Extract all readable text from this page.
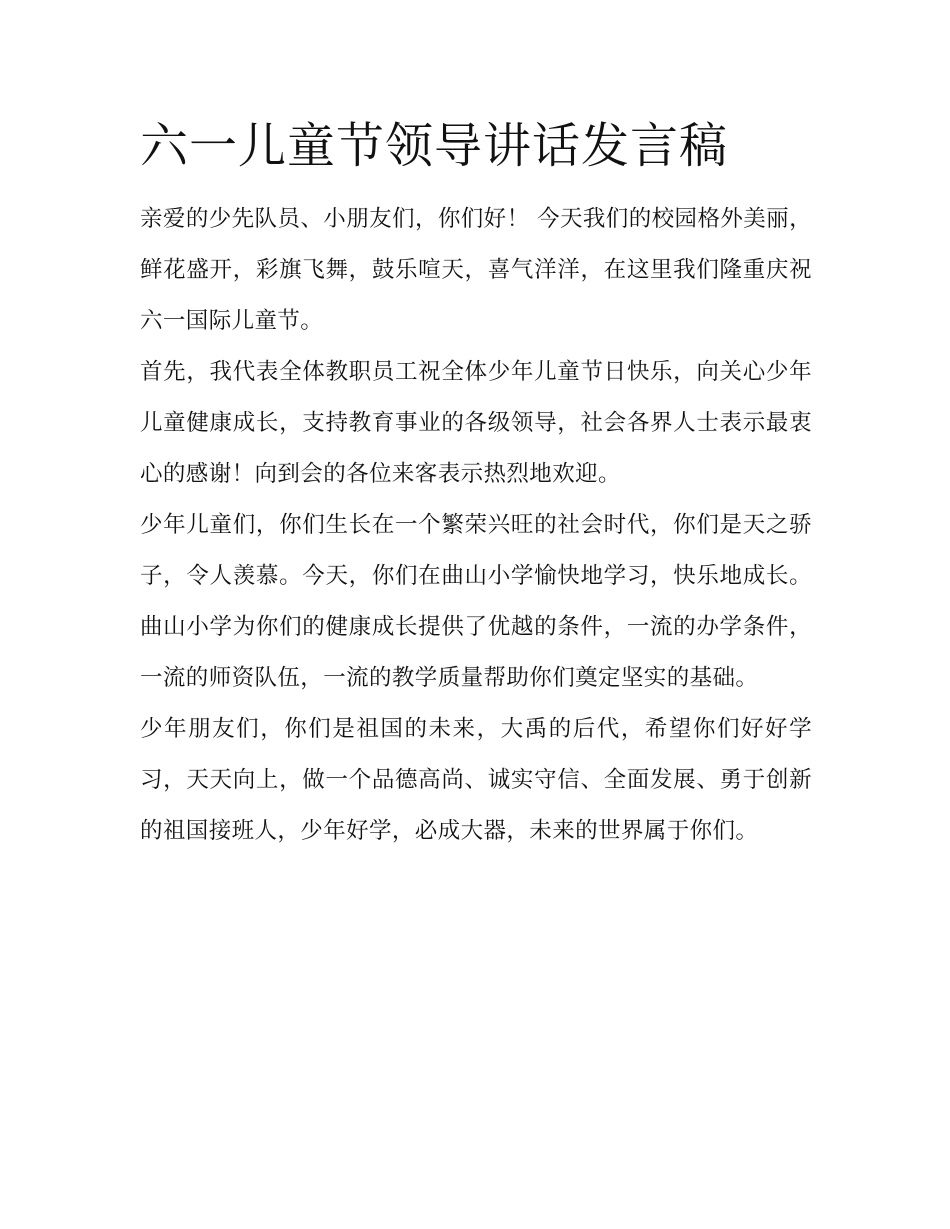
六一儿童节领导讲话发言稿

亲爱的少先队员、小朋友们，你们好！ 今天我们的校园格外美丽，鲜花盛开，彩旗飞舞，鼓乐喧天，喜气洋洋，在这里我们隆重庆祝六一国际儿童节。

首先，我代表全体教职员工祝全体少年儿童节日快乐，向关心少年儿童健康成长，支持教育事业的各级领导，社会各界人士表示最衷心的感谢！向到会的各位来客表示热烈地欢迎。

少年儿童们，你们生长在一个繁荣兴旺的社会时代，你们是天之骄子，令人羡慕。今天，你们在曲山小学愉快地学习，快乐地成长。曲山小学为你们的健康成长提供了优越的条件，一流的办学条件，一流的师资队伍，一流的教学质量帮助你们奠定坚实的基础。

少年朋友们，你们是祖国的未来，大禹的后代，希望你们好好学习，天天向上，做一个品德高尚、诚实守信、全面发展、勇于创新的祖国接班人，少年好学，必成大器，未来的世界属于你们。
